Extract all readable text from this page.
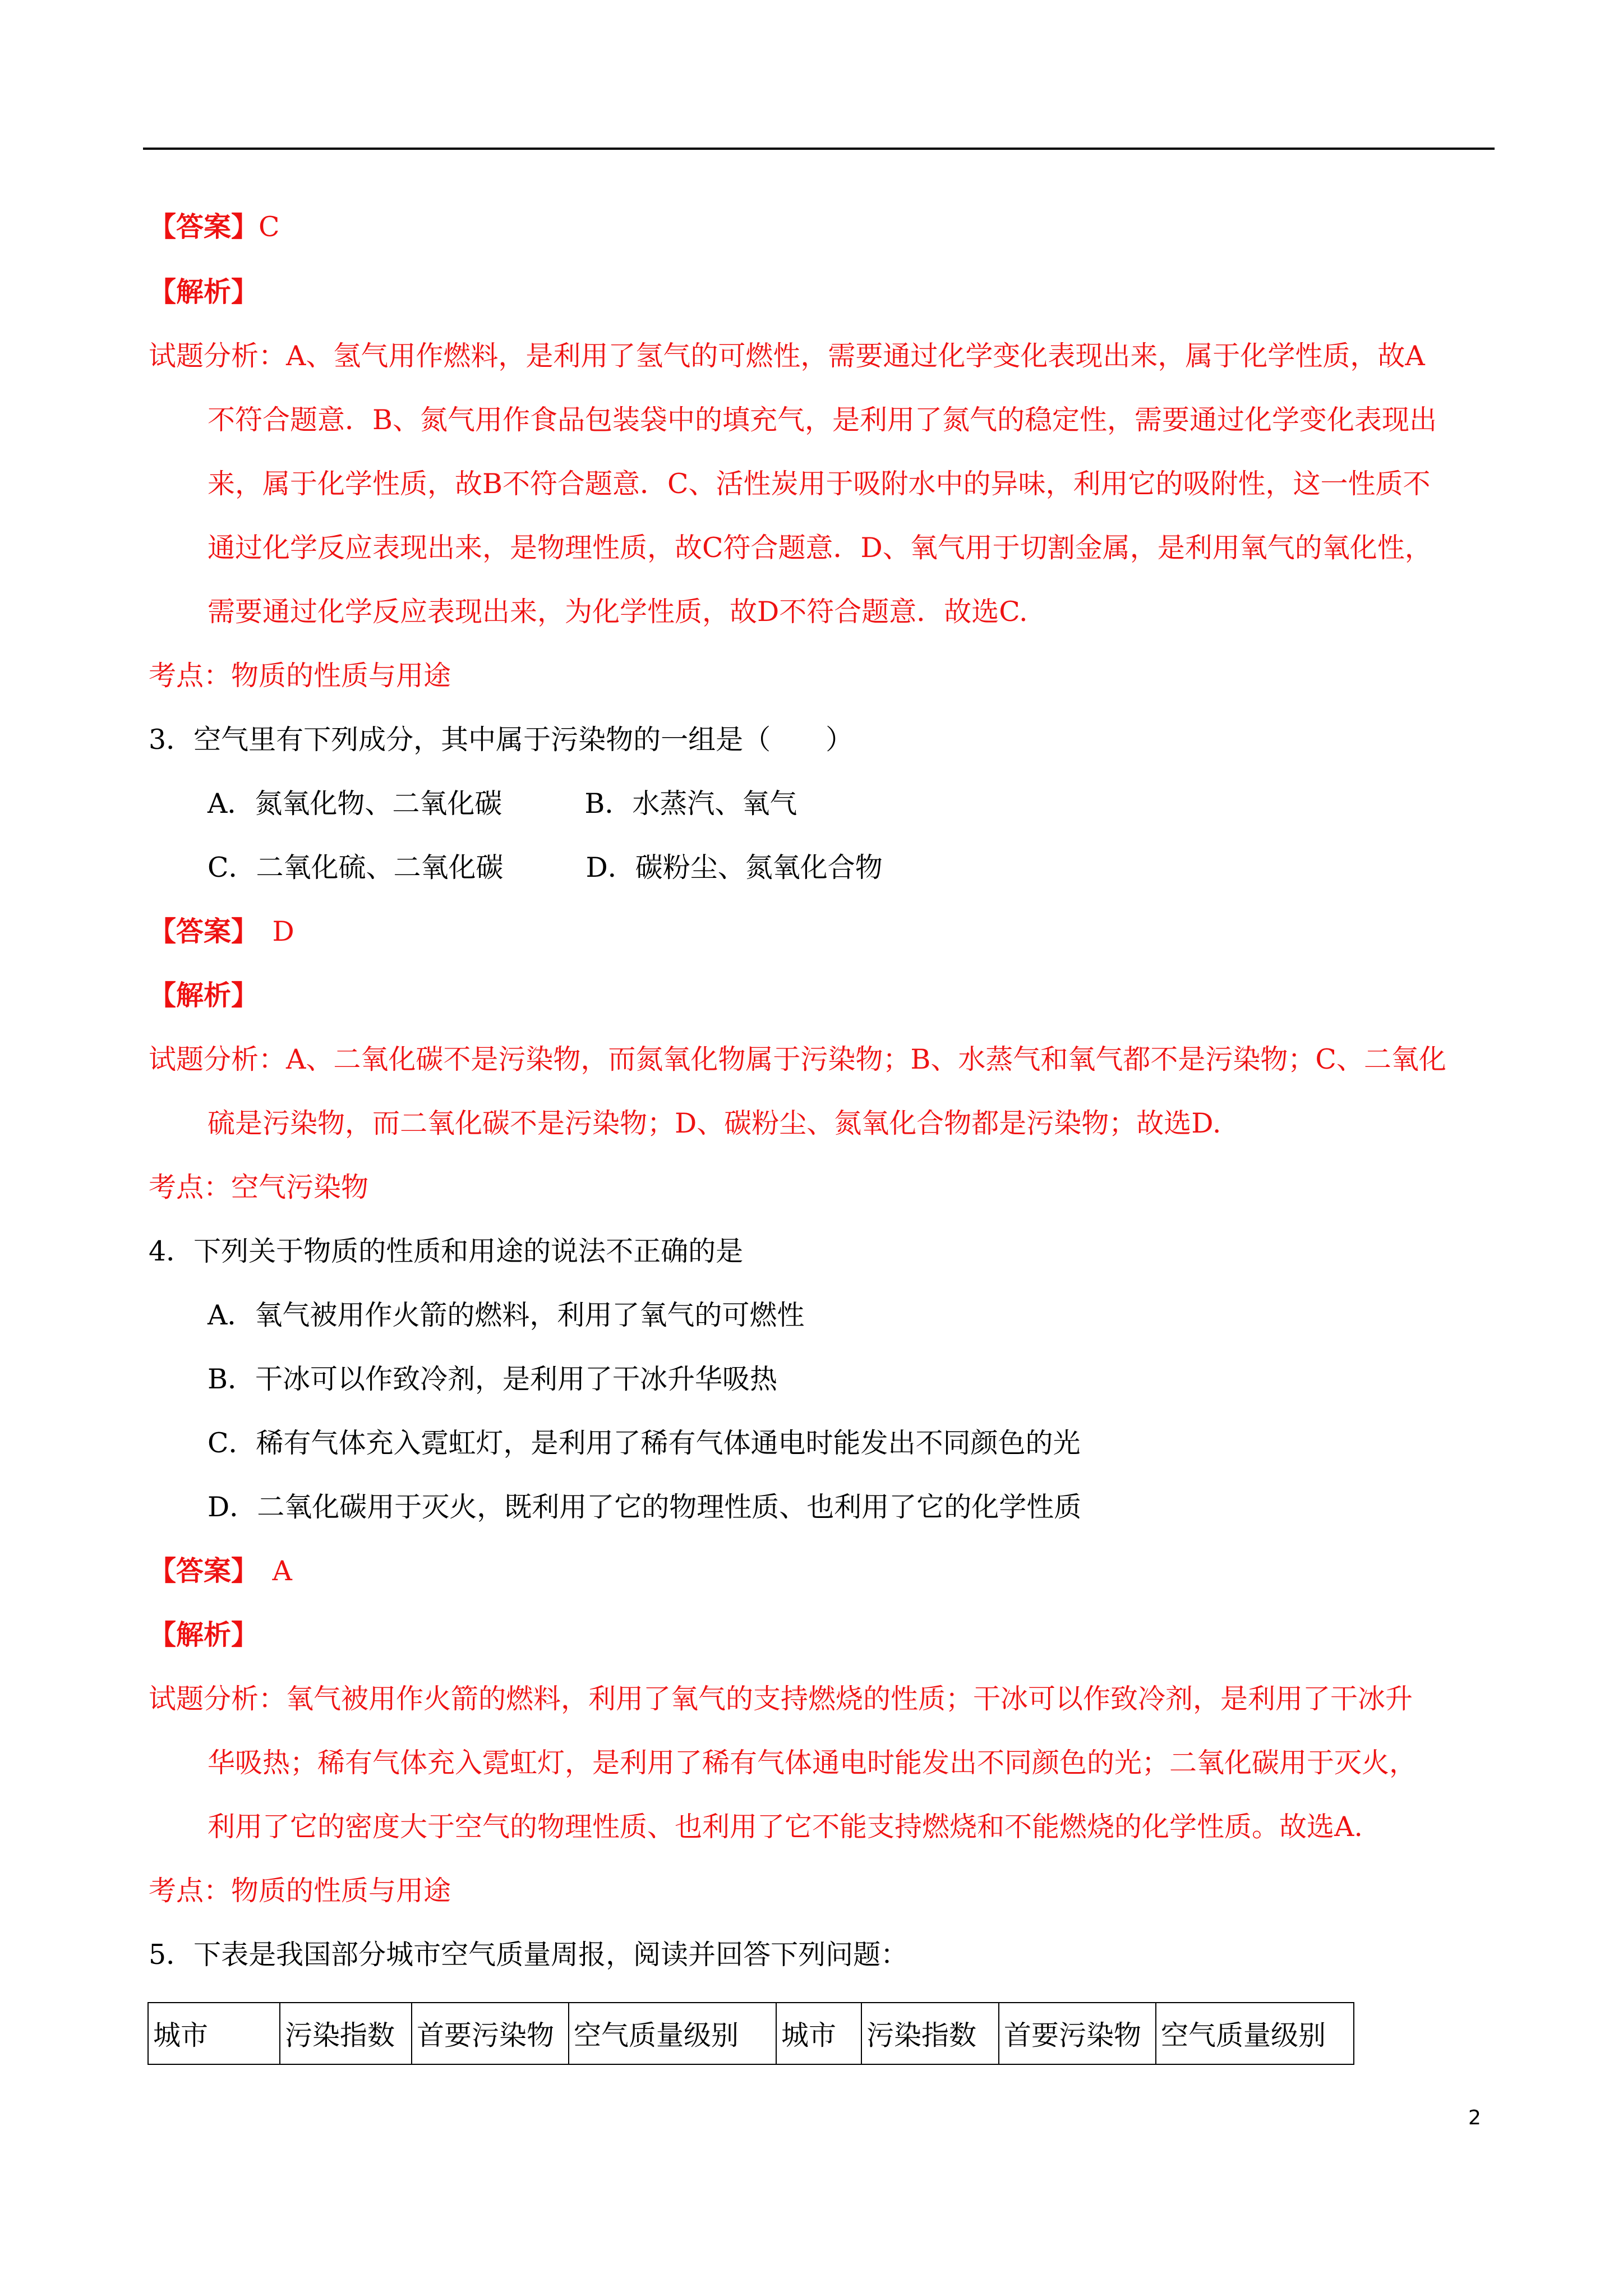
【答案】C
【解析】
试题分析：A、氢气用作燃料，是利用了氢气的可燃性，需要通过化学变化表现出来，属于化学性质，故A
不符合题意．B、氮气用作食品包装袋中的填充气，是利用了氮气的稳定性，需要通过化学变化表现出
来，属于化学性质，故B不符合题意．C、活性炭用于吸附水中的异味，利用它的吸附性，这一性质不
通过化学反应表现出来，是物理性质，故C符合题意．D、氧气用于切割金属，是利用氧气的氧化性，
需要通过化学反应表现出来，为化学性质，故D不符合题意．故选C.
考点：物质的性质与用途
3．空气里有下列成分，其中属于污染物的一组是（　　）
A．氮氧化物、二氧化碳　　　B．水蒸汽、氧气
C．二氧化硫、二氧化碳　　　D．碳粉尘、氮氧化合物
【答案】　D
【解析】
试题分析：A、二氧化碳不是污染物，而氮氧化物属于污染物；B、水蒸气和氧气都不是污染物；C、二氧化
硫是污染物，而二氧化碳不是污染物；D、碳粉尘、氮氧化合物都是污染物；故选D.
考点：空气污染物
4．下列关于物质的性质和用途的说法不正确的是
A．氧气被用作火箭的燃料，利用了氧气的可燃性
B．干冰可以作致冷剂，是利用了干冰升华吸热
C．稀有气体充入霓虹灯，是利用了稀有气体通电时能发出不同颜色的光
D．二氧化碳用于灭火，既利用了它的物理性质、也利用了它的化学性质
【答案】　A
【解析】
试题分析：氧气被用作火箭的燃料，利用了氧气的支持燃烧的性质；干冰可以作致冷剂，是利用了干冰升
华吸热；稀有气体充入霓虹灯，是利用了稀有气体通电时能发出不同颜色的光；二氧化碳用于灭火，
利用了它的密度大于空气的物理性质、也利用了它不能支持燃烧和不能燃烧的化学性质。故选A.
考点：物质的性质与用途
5．下表是我国部分城市空气质量周报，阅读并回答下列问题：
城市	污染指数	首要污染物	空气质量级别	城市	污染指数	首要污染物	空气质量级别
2
